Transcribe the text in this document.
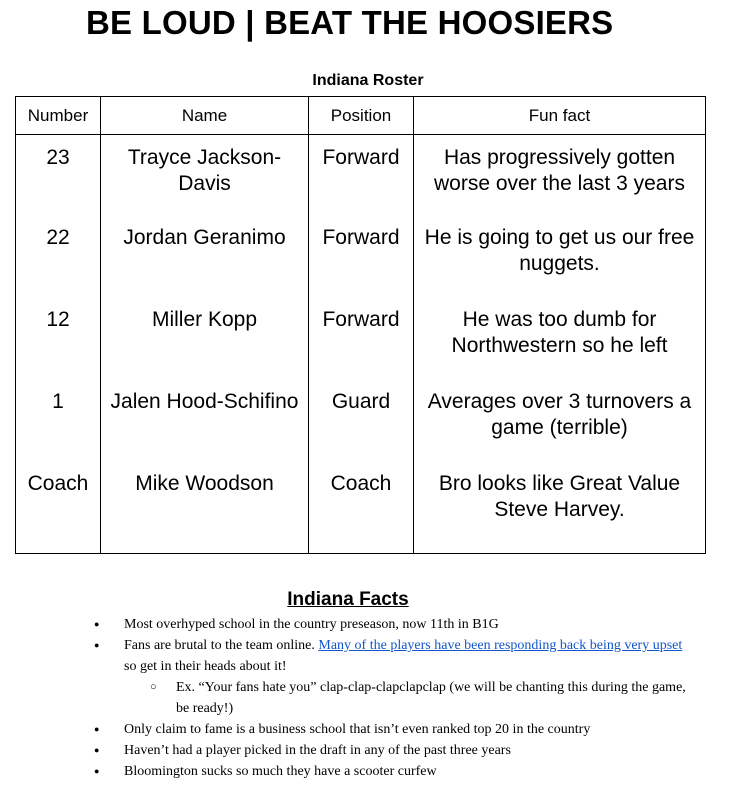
BE LOUD | BEAT THE HOOSIERS
Indiana Roster
Number	Name	Position	Fun fact

23	Trayce Jackson-Davis	Forward	Has progressively gotten worse over the last 3 years

22	Jordan Geranimo	Forward	He is going to get us our free nuggets.

12	Miller Kopp	Forward	He was too dumb for Northwestern so he left

1	Jalen Hood-Schifino	Guard	Averages over 3 turnovers a game (terrible)

Coach	Mike Woodson	Coach	Bro looks like Great Value Steve Harvey.
Indiana Facts
● Most overhyped school in the country preseason, now 11th in B1G
● Fans are brutal to the team online. Many of the players have been responding back being very upset so get in their heads about it!
○ Ex. “Your fans hate you” clap-clap-clapclapclap (we will be chanting this during the game, be ready!)
● Only claim to fame is a business school that isn’t even ranked top 20 in the country
● Haven’t had a player picked in the draft in any of the past three years
● Bloomington sucks so much they have a scooter curfew
